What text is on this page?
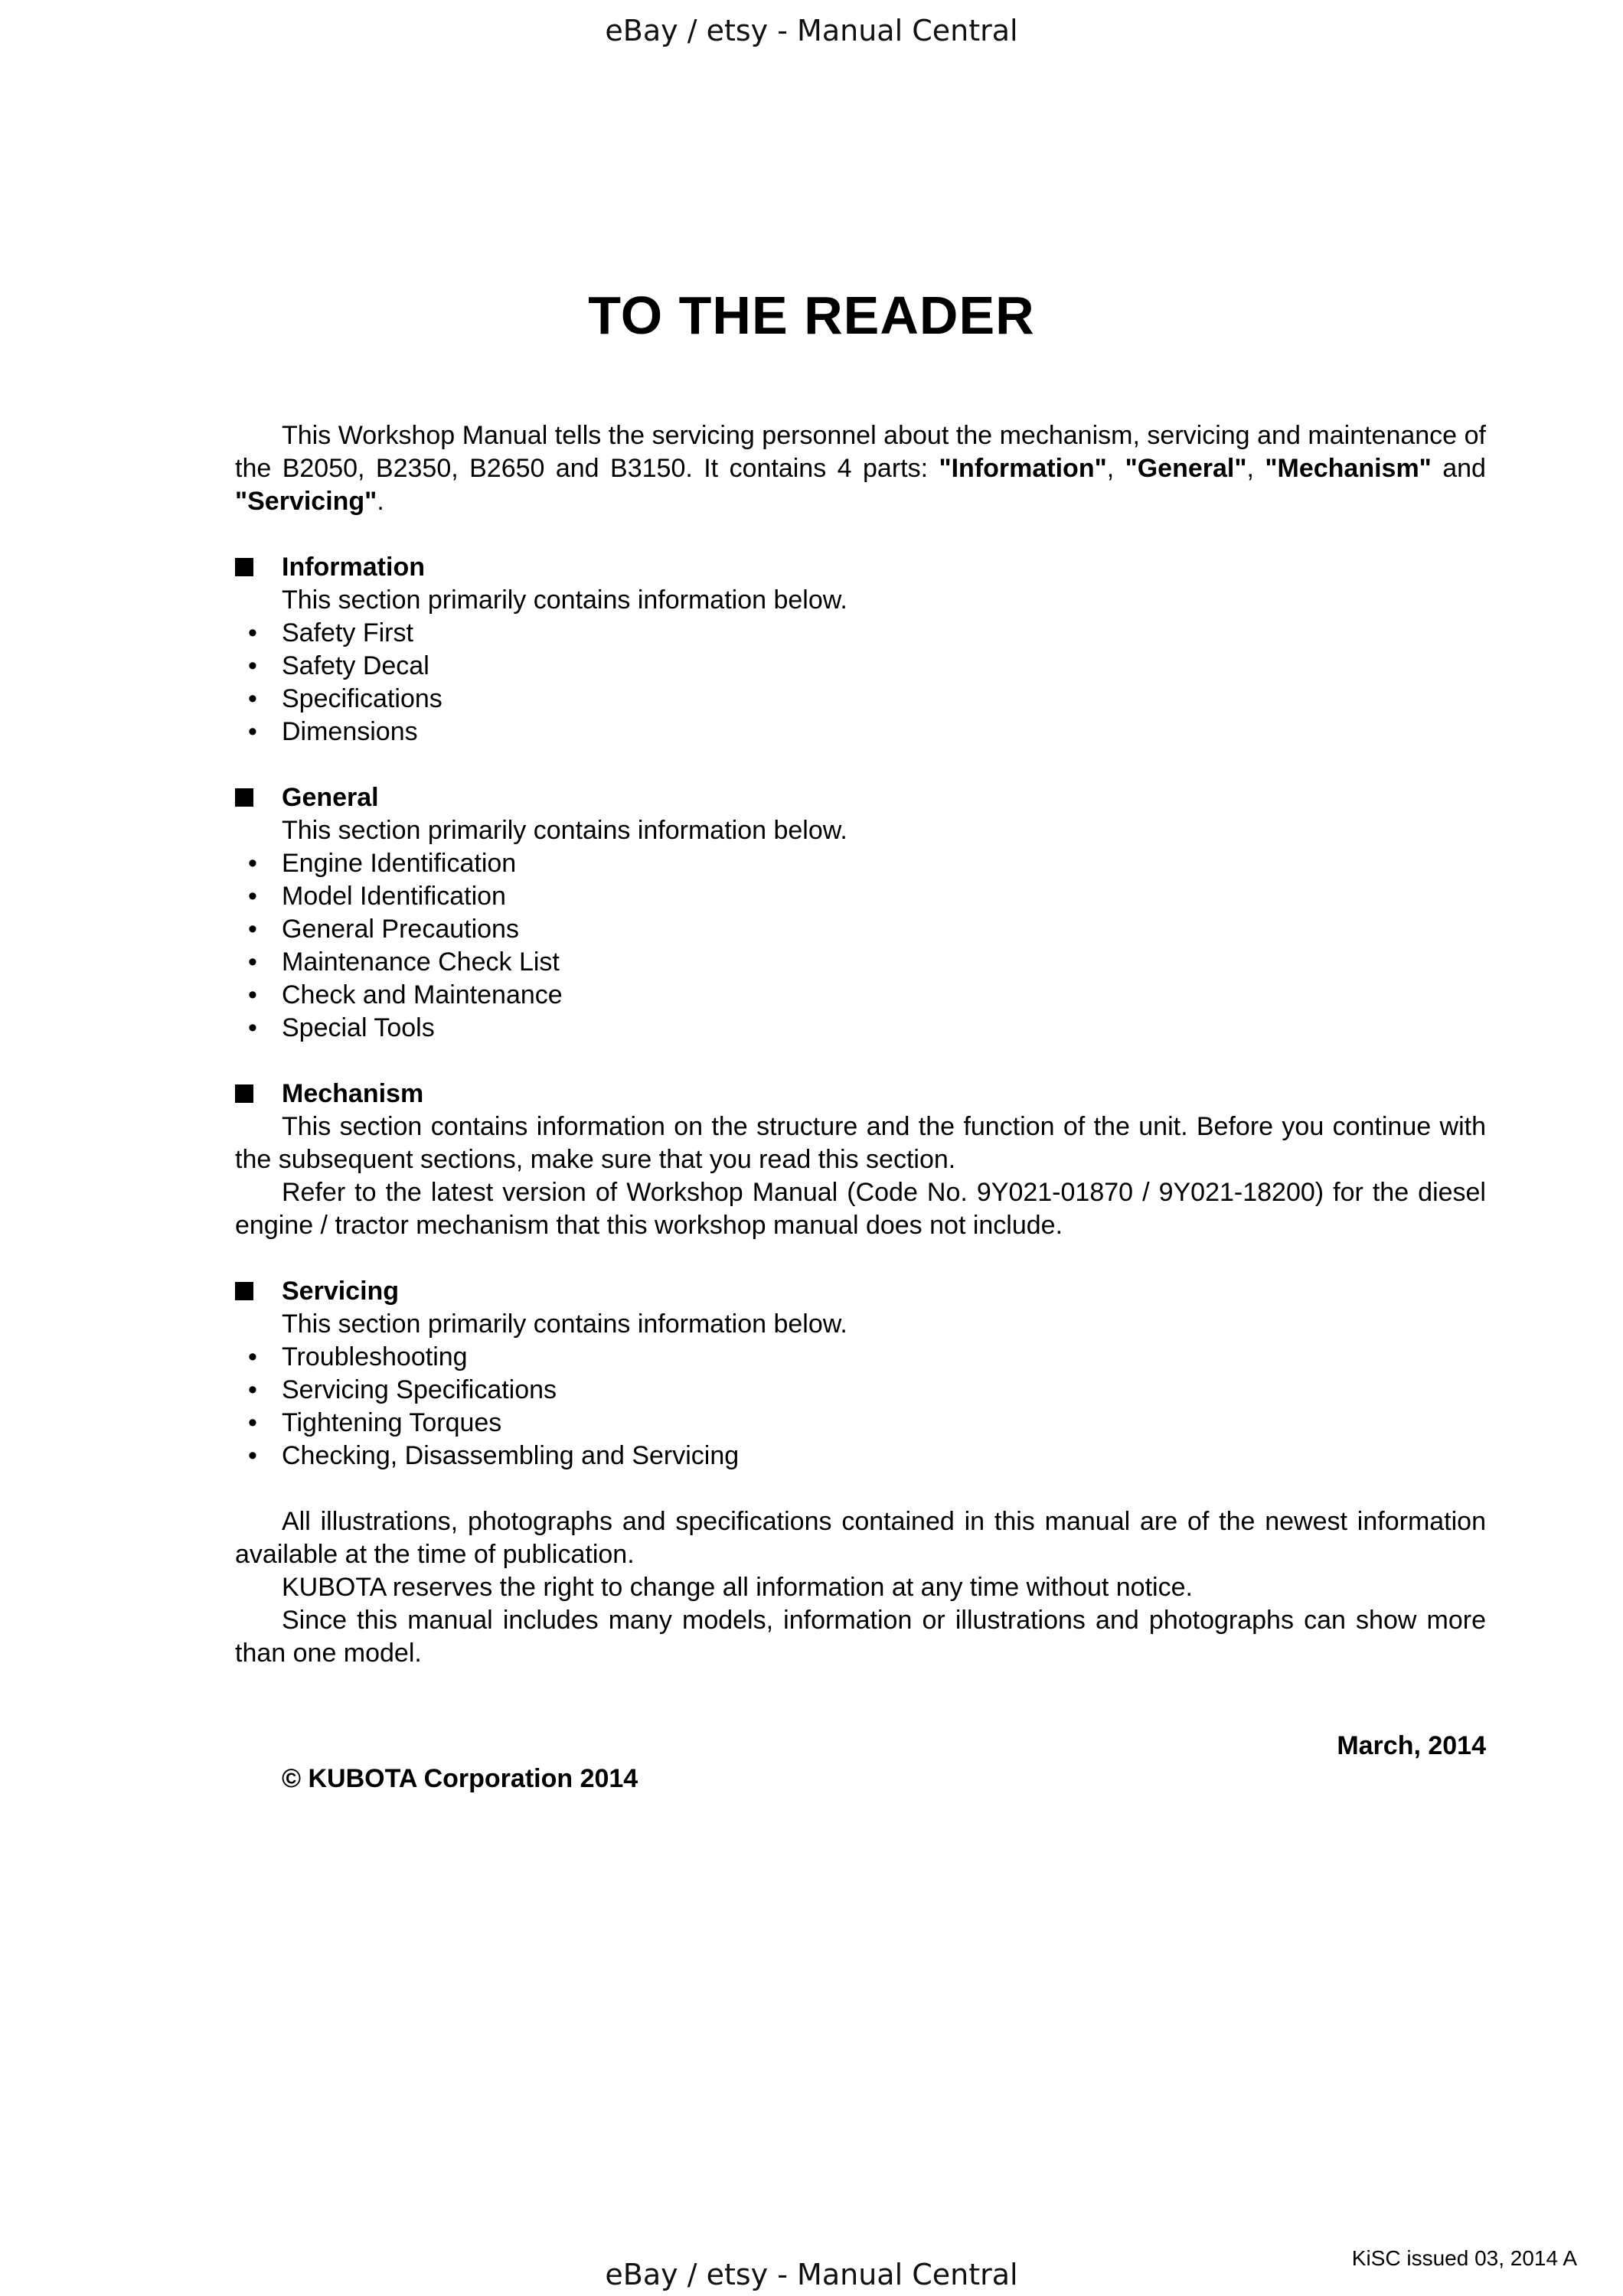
eBay / etsy - Manual Central
TO THE READER

This Workshop Manual tells the servicing personnel about the mechanism, servicing and maintenance of the B2050, B2350, B2650 and B3150. It contains 4 parts: "Information", "General", "Mechanism" and "Servicing".

Information

This section primarily contains information below.

• Safety First
• Safety Decal
• Specifications
• Dimensions
General

This section primarily contains information below.

• Engine Identification
• Model Identification
• General Precautions
• Maintenance Check List
• Check and Maintenance
• Special Tools
Mechanism

This section contains information on the structure and the function of the unit. Before you continue with the subsequent sections, make sure that you read this section.

Refer to the latest version of Workshop Manual (Code No. 9Y021-01870 / 9Y021-18200) for the diesel engine / tractor mechanism that this workshop manual does not include.

Servicing

This section primarily contains information below.

• Troubleshooting
• Servicing Specifications
• Tightening Torques
• Checking, Disassembling and Servicing

All illustrations, photographs and specifications contained in this manual are of the newest information available at the time of publication.

KUBOTA reserves the right to change all information at any time without notice.

Since this manual includes many models, information or illustrations and photographs can show more than one model.

March, 2014
© KUBOTA Corporation 2014
KiSC issued 03, 2014 A
eBay / etsy - Manual Central
